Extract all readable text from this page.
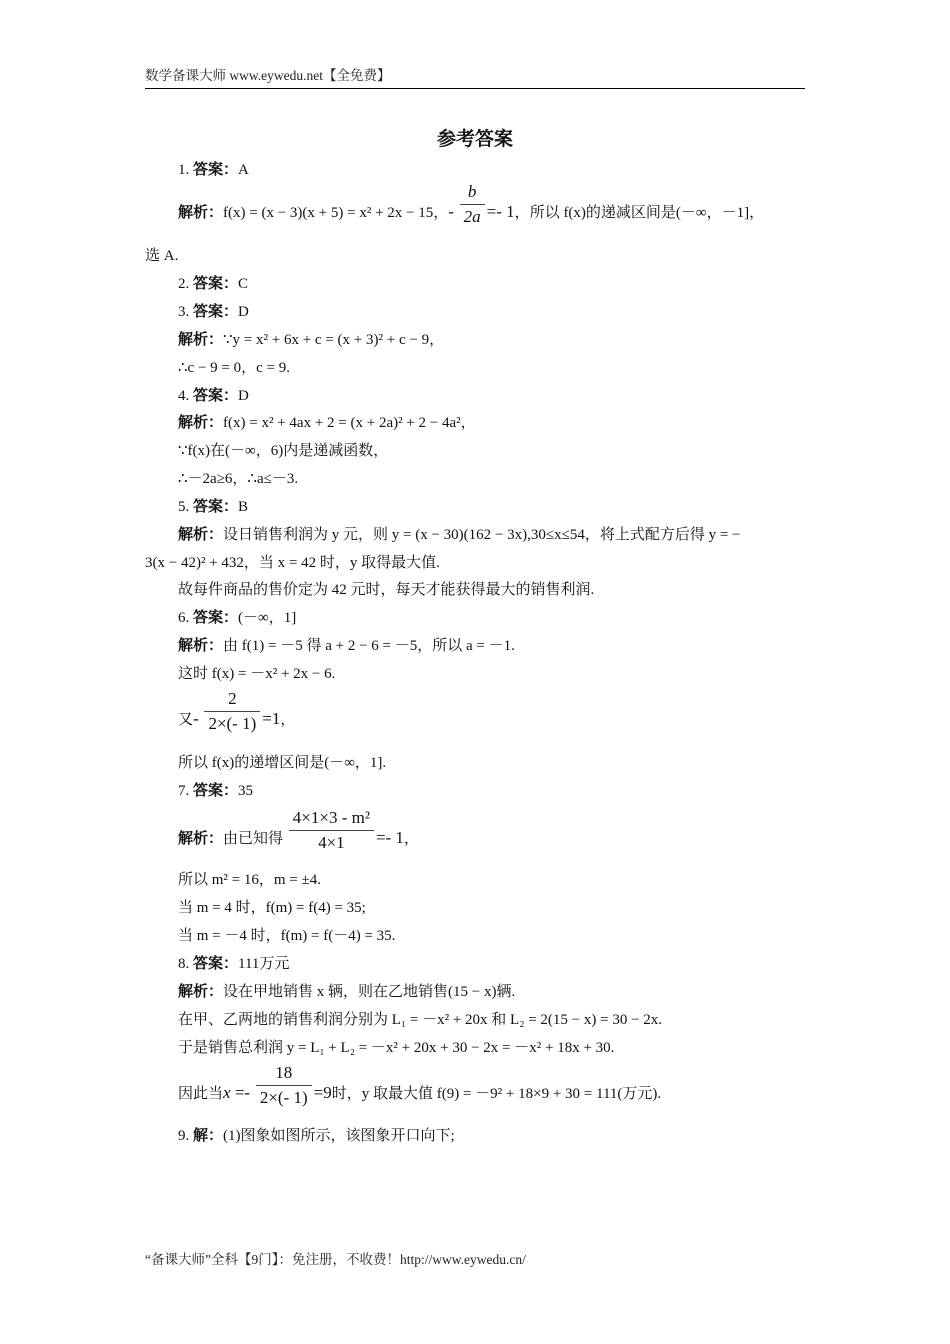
数学备课大师 www.eywedu.net【全免费】
参考答案
1. 答案：A
解析：f(x) = (x − 3)(x + 5) = x² + 2x − 15，- $\frac{b}{2a} =- 1$，所以 f(x)的递减区间是(－∞，－1]，
选 A.
2. 答案：C
3. 答案：D
解析：∵y = x² + 6x + c = (x + 3)² + c − 9，
∴c − 9 = 0，c = 9.
4. 答案：D
解析：f(x) = x² + 4ax + 2 = (x + 2a)² + 2 − 4a²，
∵f(x)在(－∞，6)内是递减函数，
∴－2a≥6，∴a≤－3.
5. 答案：B
解析：设日销售利润为 y 元，则 y = (x − 30)(162 − 3x),30≤x≤54，将上式配方后得 y = −
3(x − 42)² + 432，当 x = 42 时，y 取得最大值.
故每件商品的售价定为 42 元时，每天才能获得最大的销售利润.
6. 答案：(－∞，1]
解析：由 f(1) = －5 得 a + 2 − 6 = －5，所以 a = －1.
这时 f(x) = －x² + 2x − 6.
又- $\frac{2}{2\times(- 1)} =1$，
所以 f(x)的递增区间是(－∞，1].
7. 答案：35
解析：由已知得 $\frac{\text{4×1×3 - m²}}{4\times 1} =- 1$，
所以 m² = 16，m = ±4.
当 m = 4 时，f(m) = f(4) = 35;
当 m = －4 时，f(m) = f(－4) = 35.
8. 答案：111万元
解析：设在甲地销售 x 辆，则在乙地销售(15 − x)辆.
在甲、乙两地的销售利润分别为 L₁ = －x² + 20x 和 L₂ = 2(15 − x) = 30 − 2x.
于是销售总利润 y = L₁ + L₂ = －x² + 20x + 30 − 2x = －x² + 18x + 30.
因此当$x =- \frac{18}{2\times(- 1)} =9$时，y 取最大值 f(9) = －9² + 18×9 + 30 = 111(万元).
9. 解：(1)图象如图所示，该图象开口向下;
“备课大师”全科【9门】：免注册，不收费！http://www.eywedu.cn/
